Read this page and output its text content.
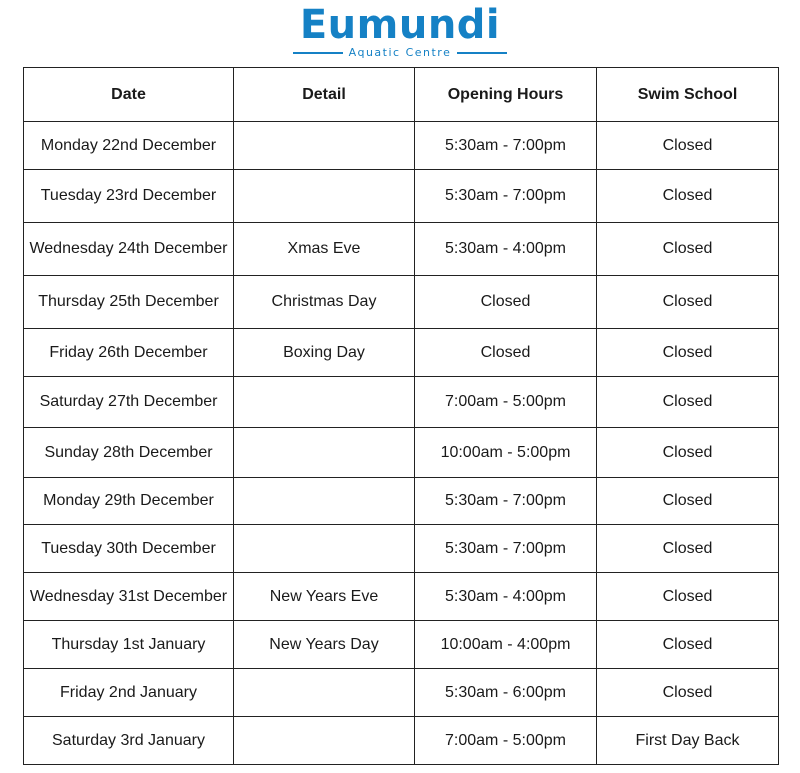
Eumundi
Aquatic Centre
Date	Detail	Opening Hours	Swim School
Monday 22nd December		5:30am - 7:00pm	Closed
Tuesday 23rd December		5:30am - 7:00pm	Closed
Wednesday 24th December	Xmas Eve	5:30am - 4:00pm	Closed
Thursday 25th December	Christmas Day	Closed	Closed
Friday 26th December	Boxing Day	Closed	Closed
Saturday 27th December		7:00am - 5:00pm	Closed
Sunday 28th December		10:00am - 5:00pm	Closed
Monday 29th December		5:30am - 7:00pm	Closed
Tuesday 30th December		5:30am - 7:00pm	Closed
Wednesday 31st December	New Years Eve	5:30am - 4:00pm	Closed
Thursday 1st January	New Years Day	10:00am - 4:00pm	Closed
Friday 2nd January		5:30am - 6:00pm	Closed
Saturday 3rd January		7:00am - 5:00pm	First Day Back
